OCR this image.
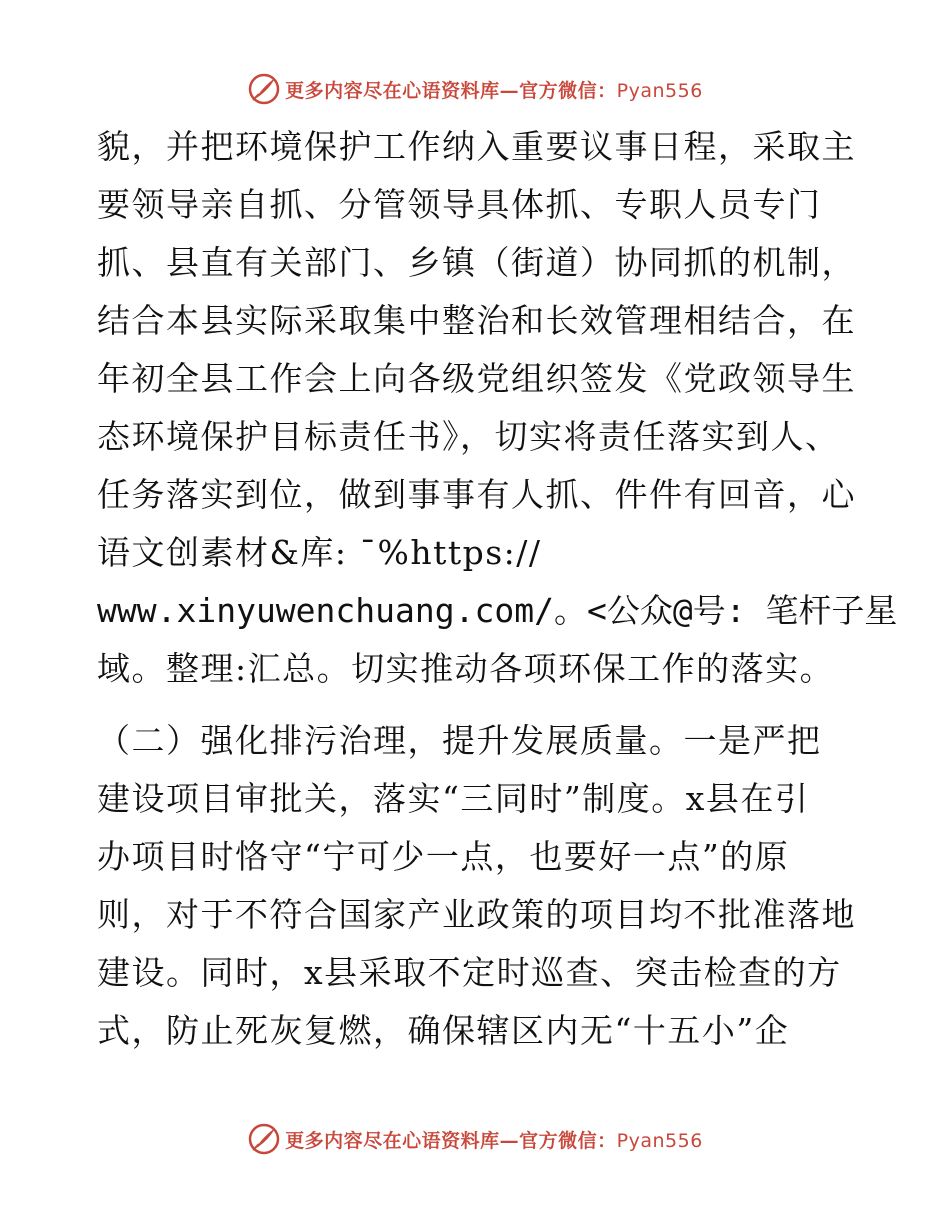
更多内容尽在心语资料库—官方微信：Pyan556
貌，并把环境保护工作纳入重要议事日程，采取主
要领导亲自抓、分管领导具体抓、专职人员专门
抓、县直有关部门、乡镇（街道）协同抓的机制，
结合本县实际采取集中整治和长效管理相结合，在
年初全县工作会上向各级党组织签发《党政领导生
态环境保护目标责任书》，切实将责任落实到人、
任务落实到位，做到事事有人抓、件件有回音，心
语文创素材&库: ¯%https://
www.xinyuwenchuang.com/。<公众@号: 笔杆子星
域。整理:汇总。切实推动各项环保工作的落实。
（二）强化排污治理，提升发展质量。一是严把
建设项目审批关，落实“三同时”制度。x县在引
办项目时恪守“宁可少一点，也要好一点”的原
则，对于不符合国家产业政策的项目均不批准落地
建设。同时，x县采取不定时巡查、突击检查的方
式，防止死灰复燃，确保辖区内无“十五小”企
更多内容尽在心语资料库—官方微信：Pyan556
